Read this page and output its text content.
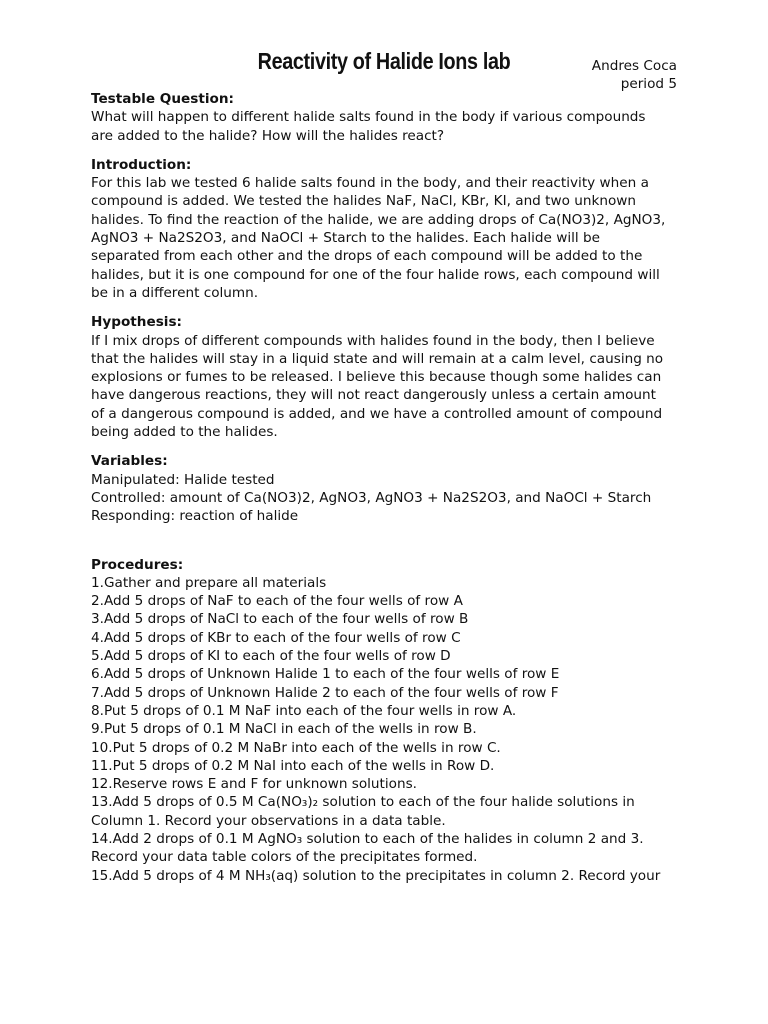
Reactivity of Halide Ions lab	Andres Coca
period 5
Testable Question:
What will happen to different halide salts found in the body if various compounds
are added to the halide? How will the halides react?
Introduction:
For this lab we tested 6 halide salts found in the body, and their reactivity when a
compound is added. We tested the halides NaF, NaCl, KBr, KI, and two unknown
halides. To find the reaction of the halide, we are adding drops of Ca(NO3)2, AgNO3,
AgNO3 + Na2S2O3, and NaOCl + Starch to the halides. Each halide will be
separated from each other and the drops of each compound will be added to the
halides, but it is one compound for one of the four halide rows, each compound will
be in a different column.
Hypothesis:
If I mix drops of different compounds with halides found in the body, then I believe
that the halides will stay in a liquid state and will remain at a calm level, causing no
explosions or fumes to be released. I believe this because though some halides can
have dangerous reactions, they will not react dangerously unless a certain amount
of a dangerous compound is added, and we have a controlled amount of compound
being added to the halides.
Variables:
Manipulated: Halide tested
Controlled: amount of Ca(NO3)2, AgNO3, AgNO3 + Na2S2O3, and NaOCl + Starch
Responding: reaction of halide
Procedures:
1.Gather and prepare all materials
2.Add 5 drops of NaF to each of the four wells of row A
3.Add 5 drops of NaCl to each of the four wells of row B
4.Add 5 drops of KBr to each of the four wells of row C
5.Add 5 drops of KI to each of the four wells of row D
6.Add 5 drops of Unknown Halide 1 to each of the four wells of row E
7.Add 5 drops of Unknown Halide 2 to each of the four wells of row F
8.Put 5 drops of 0.1 M NaF into each of the four wells in row A.
9.Put 5 drops of 0.1 M NaCl in each of the wells in row B.
10.Put 5 drops of 0.2 M NaBr into each of the wells in row C.
11.Put 5 drops of 0.2 M NaI into each of the wells in Row D.
12.Reserve rows E and F for unknown solutions.
13.Add 5 drops of 0.5 M Ca(NO₃)₂ solution to each of the four halide solutions in
Column 1. Record your observations in a data table.
14.Add 2 drops of 0.1 M AgNO₃ solution to each of the halides in column 2 and 3.
Record your data table colors of the precipitates formed.
15.Add 5 drops of 4 M NH₃(aq) solution to the precipitates in column 2. Record your
